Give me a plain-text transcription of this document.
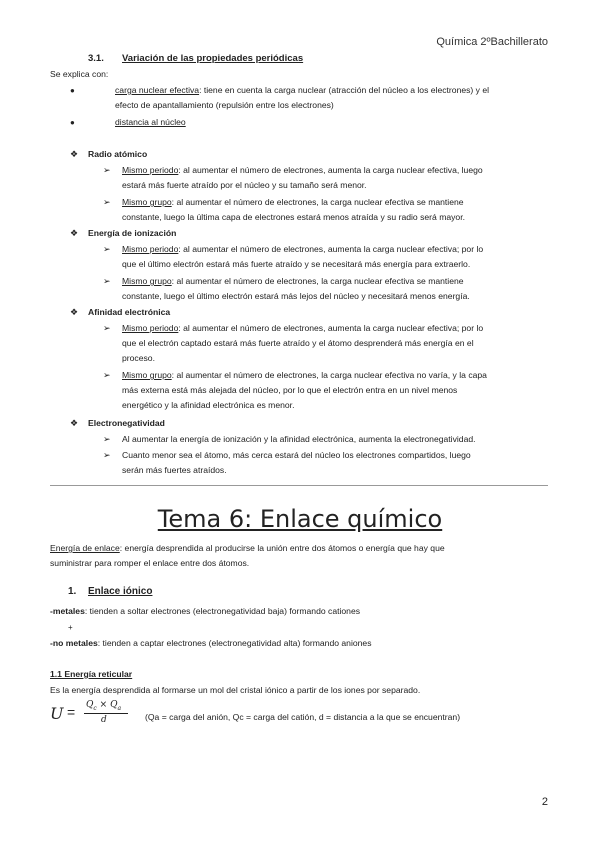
Química 2ºBachillerato
3.1. Variación de las propiedades periódicas
Se explica con:
●	carga nuclear efectiva: tiene en cuenta la carga nuclear (atracción del núcleo a los electrones) y el
efecto de apantallamiento (repulsión entre los electrones)
●	distancia al núcleo
❖ Radio atómico
➢ Mismo periodo: al aumentar el número de electrones, aumenta la carga nuclear efectiva, luego
estará más fuerte atraído por el núcleo y su tamaño será menor.
➢ Mismo grupo: al aumentar el número de electrones, la carga nuclear efectiva se mantiene
constante, luego la última capa de electrones estará menos atraída y su radio será mayor.
❖ Energía de ionización
➢ Mismo periodo: al aumentar el número de electrones, aumenta la carga nuclear efectiva; por lo
que el último electrón estará más fuerte atraído y se necesitará más energía para extraerlo.
➢ Mismo grupo: al aumentar el número de electrones, la carga nuclear efectiva se mantiene
constante, luego el último electrón estará más lejos del núcleo y necesitará menos energía.
❖ Afinidad electrónica
➢ Mismo periodo: al aumentar el número de electrones, aumenta la carga nuclear efectiva; por lo
que el electrón captado estará más fuerte atraído y el átomo desprenderá más energía en el
proceso.
➢ Mismo grupo: al aumentar el número de electrones, la carga nuclear efectiva no varía, y la capa
más externa está más alejada del núcleo, por lo que el electrón entra en un nivel menos
energético y la afinidad electrónica es menor.
❖ Electronegatividad
➢ Al aumentar la energía de ionización y la afinidad electrónica, aumenta la electronegatividad.
➢ Cuanto menor sea el átomo, más cerca estará del núcleo los electrones compartidos, luego
serán más fuertes atraídos.
Tema 6: Enlace químico
Energía de enlace: energía desprendida al producirse la unión entre dos átomos o energía que hay que
suministrar para romper el enlace entre dos átomos.
1. Enlace iónico
-metales: tienden a soltar electrones (electronegatividad baja) formando cationes
+
-no metales: tienden a captar electrones (electronegatividad alta) formando aniones
1.1 Energía reticular
Es la energía desprendida al formarse un mol del cristal iónico a partir de los iones por separado.
$U = Q_c \times Q_a$
d	(Qa = carga del anión, Qc = carga del catión, d = distancia a la que se encuentran)
2
